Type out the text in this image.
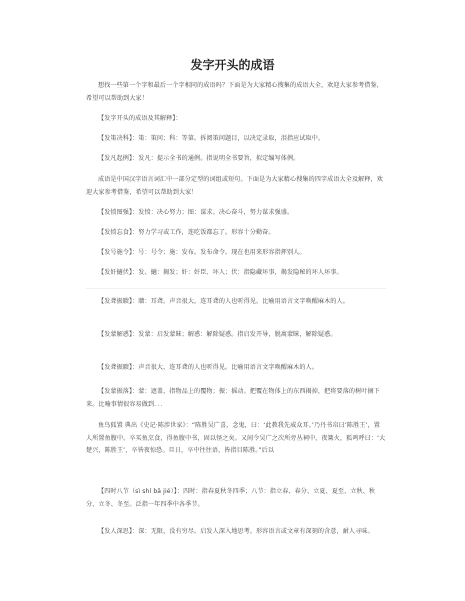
发字开头的成语
想找一些第一个字和最后一个字相同的成语吗？下面是为大家精心搜集的成语大全，欢迎大家参考借鉴，希望可以帮助到大家！
【发字开头的成语及其解释】：
【发策决科】：策：策问；科：等第。拆阅策问题目，以决定录取，泪指应试取中。
【发凡起例】：发凡：提示全书的通例。指说明全书要旨，拟定编写体例。
成语是中国汉字语言词汇中一部分定型的词组或短句。下面是为大家精心搜集的四字成语大全及解释，欢迎大家参考借鉴，希望可以帮助到大家！
【发愤图强】：发愤：决心努力；图：谋求。决心奋斗，努力谋求强盛。
【发愤忘食】：努力学习或工作，连吃饭都忘了。形容十分勤奋。
【发号施令】：号：号令；施：发布。发布命令。现在也用来形容指挥别人。
【发奸擿伏】：发、擿：揭发；奸：奸臣、坏人；伏：指隐藏坏事，揭发隐秘的坏人坏事。
【发聋振聩】：聩：耳聋。声音很大，连耳聋的人也听得见。比喻用语言文字唤醒麻木的人。
【发蒙解惑】：发蒙：启发蒙昧；解惑：解除疑惑。指启发开导，脱离蒙昧，解除疑惑。
【发聋振聩】：声音很大，连耳聋的人也听得见。比喻用语言文字唤醒麻木的人。
【发蒙振落】：蒙：遮盖，指物品上的覆物；振：摇动。把覆在物体上的东西揭掉，把将要落的树叶摘下来。比喻事情很容易做到．．．
鱼鸟狐置 典出《史记·陈涉世家》：“陈胜吴广喜，念鬼，曰：‘此教我先威众耳。’乃丹书帛曰‘陈胜王’，置人所置鱼腹中。卒买鱼烹食，得鱼腹中书，固以怪之矣。又间令吴广之次所旁丛祠中，夜篝火，狐鸣呼曰：‘大楚兴，陈胜王’，卒皆夜惊恐。旦日，卒中往往语，皆指目陈胜。”后以
【四时八节（sì shí bā jié）】：四时：指春夏秋冬四季；八节：指立春、春分、立夏、夏至、立秋、秋分、立冬、冬至。泛指一年四季中各季节。
【发人深思】：深：无限，没有穷尽。启发人深入地思考。形容语言或文章有深刻的含意，耐人寻味。
